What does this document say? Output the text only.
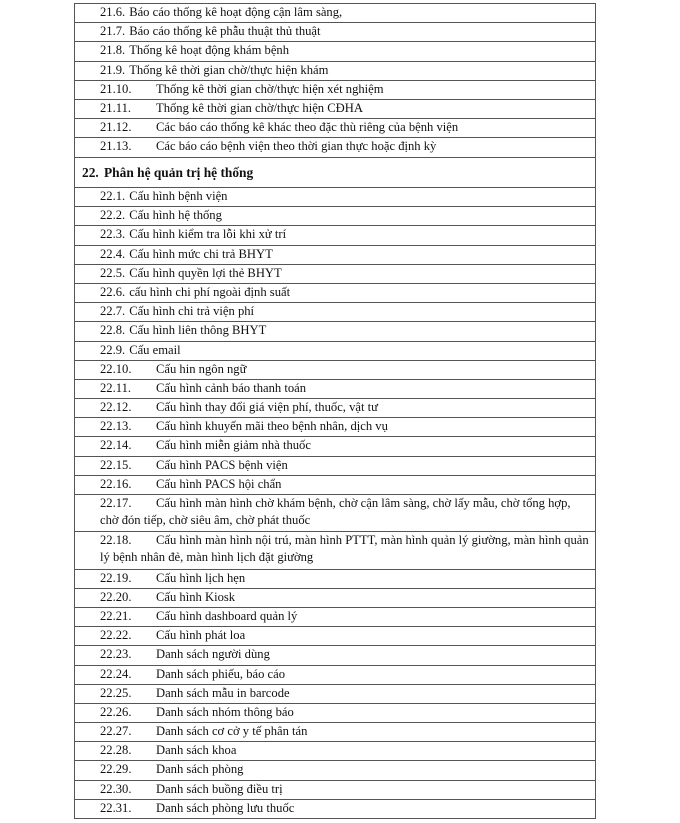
21.6. Báo cáo thống kê hoạt động cận lâm sàng,
21.7. Báo cáo thống kê phẫu thuật thủ thuật
21.8. Thống kê hoạt động khám bệnh
21.9. Thống kê thời gian chờ/thực hiện khám
21.10. Thống kê thời gian chờ/thực hiện xét nghiệm
21.11. Thống kê thời gian chờ/thực hiện CĐHA
21.12. Các báo cáo thống kê khác theo đặc thù riêng của bệnh viện
21.13. Các báo cáo bệnh viện theo thời gian thực hoặc định kỳ
22. Phân hệ quản trị hệ thống
22.1. Cấu hình bệnh viện
22.2. Cấu hình hệ thống
22.3. Cấu hình kiểm tra lỗi khi xử trí
22.4. Cấu hình mức chi trả BHYT
22.5. Cấu hình quyền lợi thẻ BHYT
22.6. cấu hình chi phí ngoài định suất
22.7. Cấu hình chi trả viện phí
22.8. Cấu hình liên thông BHYT
22.9. Cấu email
22.10. Cấu hin ngôn ngữ
22.11. Cấu hình cảnh báo thanh toán
22.12. Cấu hình thay đổi giá viện phí, thuốc, vật tư
22.13. Cấu hình khuyến mãi theo bệnh nhân, dịch vụ
22.14. Cấu hình miễn giảm nhà thuốc
22.15. Cấu hình PACS bệnh viện
22.16. Cấu hình PACS hội chẩn
22.17. Cấu hình màn hình chờ khám bệnh, chờ cận lâm sàng, chờ lấy mẫu, chờ tổng hợp, chờ đón tiếp, chờ siêu âm, chờ phát thuốc
22.18. Cấu hình màn hình nội trú, màn hình PTTT, màn hình quản lý giường, màn hình quản lý bệnh nhân đẻ, màn hình lịch đặt giường
22.19. Cấu hình lịch hẹn
22.20. Cấu hình Kiosk
22.21. Cấu hình dashboard quản lý
22.22. Cấu hình phát loa
22.23. Danh sách người dùng
22.24. Danh sách phiếu, báo cáo
22.25. Danh sách mẫu in barcode
22.26. Danh sách nhóm thông báo
22.27. Danh sách cơ cở y tế phân tán
22.28. Danh sách khoa
22.29. Danh sách phòng
22.30. Danh sách buồng điều trị
22.31. Danh sách phòng lưu thuốc
